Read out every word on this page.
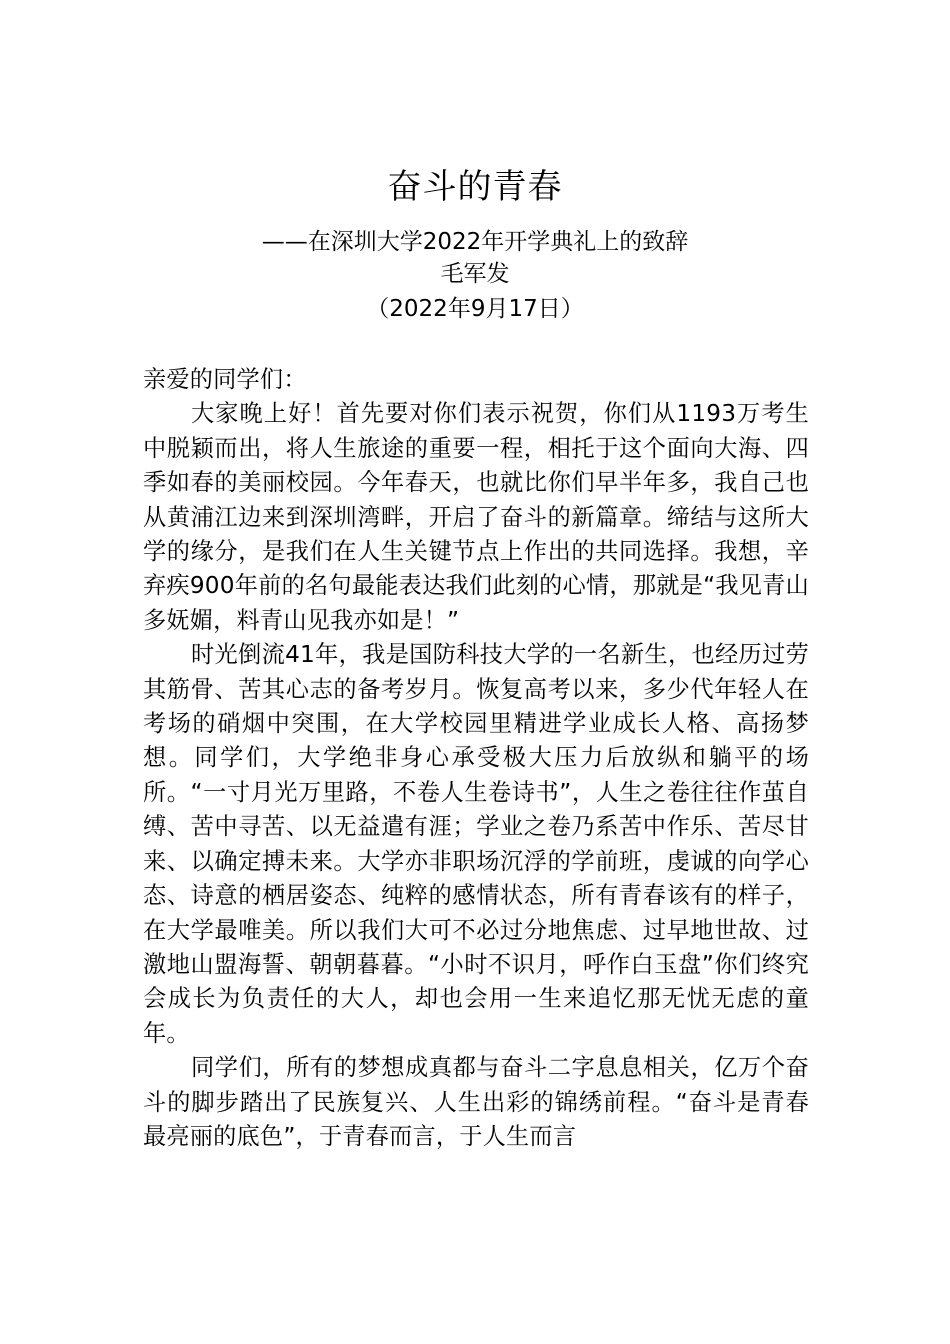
奋斗的青春
——在深圳大学2022年开学典礼上的致辞
毛军发
（2022年9月17日）

亲爱的同学们：

大家晚上好！首先要对你们表示祝贺，你们从1193万考生中脱颖而出，将人生旅途的重要一程，相托于这个面向大海、四季如春的美丽校园。今年春天，也就比你们早半年多，我自己也从黄浦江边来到深圳湾畔，开启了奋斗的新篇章。缔结与这所大学的缘分，是我们在人生关键节点上作出的共同选择。我想，辛弃疾900年前的名句最能表达我们此刻的心情，那就是“我见青山多妩媚，料青山见我亦如是！”

时光倒流41年，我是国防科技大学的一名新生，也经历过劳其筋骨、苦其心志的备考岁月。恢复高考以来，多少代年轻人在考场的硝烟中突围，在大学校园里精进学业成长人格、高扬梦想。同学们，大学绝非身心承受极大压力后放纵和躺平的场所。“一寸月光万里路，不卷人生卷诗书”，人生之卷往往作茧自缚、苦中寻苦、以无益遣有涯；学业之卷乃系苦中作乐、苦尽甘来、以确定搏未来。大学亦非职场沉浮的学前班，虔诚的向学心态、诗意的栖居姿态、纯粹的感情状态，所有青春该有的样子，在大学最唯美。所以我们大可不必过分地焦虑、过早地世故、过激地山盟海誓、朝朝暮暮。“小时不识月，呼作白玉盘”你们终究会成长为负责任的大人，却也会用一生来追忆那无忧无虑的童年。

同学们，所有的梦想成真都与奋斗二字息息相关，亿万个奋斗的脚步踏出了民族复兴、人生出彩的锦绣前程。“奋斗是青春最亮丽的底色”，于青春而言，于人生而言
